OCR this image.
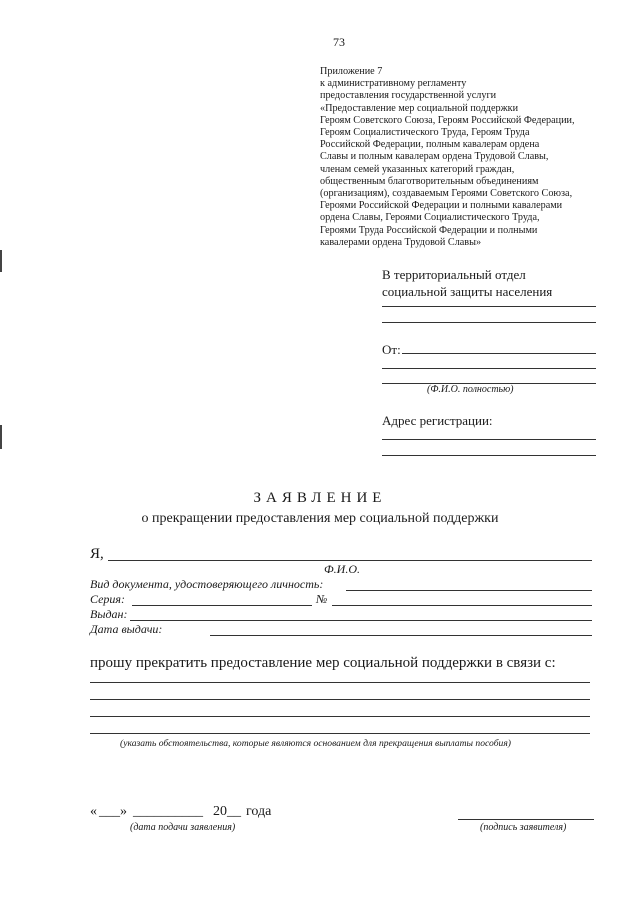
73
Приложение 7
к административному регламенту
предоставления государственной услуги
«Предоставление мер социальной поддержки
Героям Советского Союза, Героям Российской Федерации,
Героям Социалистического Труда, Героям Труда
Российской Федерации, полным кавалерам ордена
Славы и полным кавалерам ордена Трудовой Славы,
членам семей указанных категорий граждан,
общественным благотворительным объединениям
(организациям), создаваемым Героями Советского Союза,
Героями Российской Федерации и полными кавалерами
ордена Славы, Героями Социалистического Труда,
Героями Труда Российской Федерации и полными
кавалерами ордена Трудовой Славы»
В территориальный отдел
социальной защиты населения
От:
(Ф.И.О. полностью)
Адрес регистрации:
ЗАЯВЛЕНИЕ
о прекращении предоставления мер социальной поддержки
Я,
Ф.И.О.
Вид документа, удостоверяющего личность:
Серия:	№
Выдан:
Дата выдачи:
прошу прекратить предоставление мер социальной поддержки в связи с:
(указать обстоятельства, которые являются основанием для прекращения выплаты пособия)
« ___ » __________ 20 __ года
(дата подачи заявления)	(подпись заявителя)
